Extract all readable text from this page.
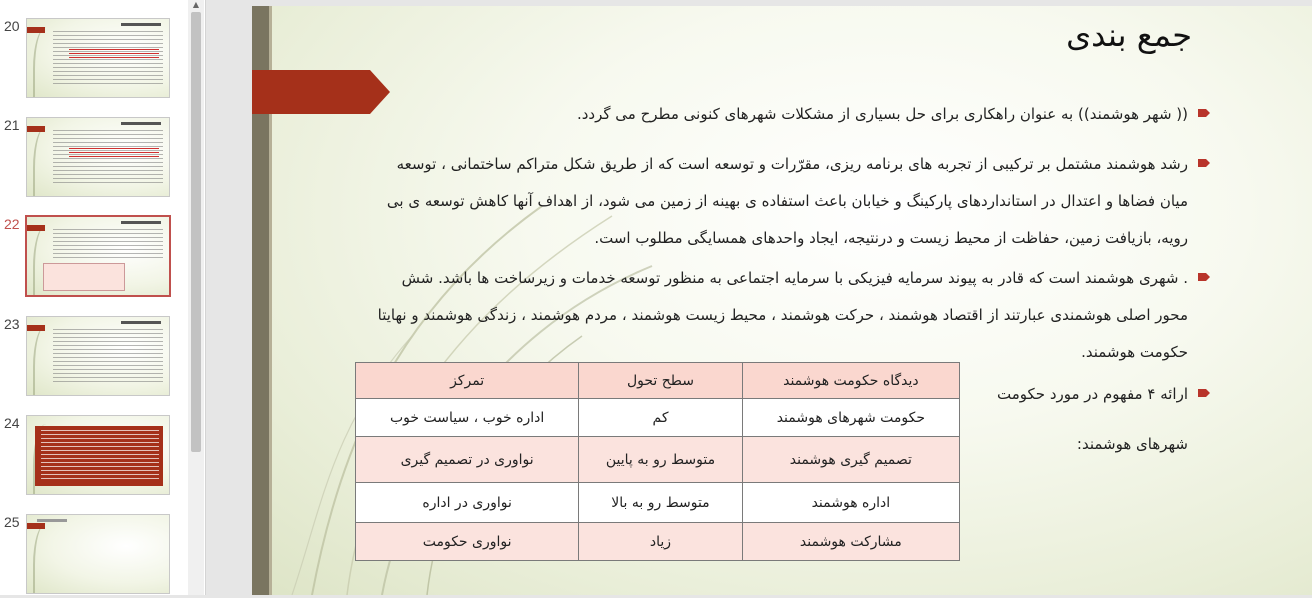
20
21
22
23
24
25
▲
جمع بندی
(( شهر هوشمند)) به عنوان راهکاری برای حل بسیاری از مشکلات شهرهای کنونی مطرح می گردد.
رشد هوشمند مشتمل بر ترکیبی از تجربه های برنامه ریزی، مقرّرات و توسعه است که از طریق شکل متراکم ساختمانی ، توسعه میان فضاها و اعتدال در استانداردهای پارکینگ و خیابان باعث استفاده ی بهینه از زمین می شود، از اهداف آنها کاهش توسعه ی بی رویه، بازیافت زمین، حفاظت از محیط زیست و درنتیجه، ایجاد واحدهای همسایگی مطلوب است.
. شهری هوشمند است که قادر به پیوند سرمایه فیزیکی با سرمایه اجتماعی به منظور توسعه خدمات و زیرساخت ها باشد. شش محور اصلی هوشمندی عبارتند از اقتصاد هوشمند ، حرکت هوشمند ، محیط زیست هوشمند ، مردم هوشمند ، زندگی هوشمند و نهایتا حکومت هوشمند.
ارائه ۴ مفهوم در مورد حکومت
شهرهای هوشمند:
دیدگاه حکومت هوشمند	سطح تحول	تمرکز
حکومت شهرهای هوشمند	کم	اداره خوب ، سیاست خوب
تصمیم گیری هوشمند	متوسط رو به پایین	نواوری در تصمیم گیری
اداره هوشمند	متوسط رو به بالا	نواوری در اداره
مشارکت هوشمند	زیاد	نواوری حکومت
